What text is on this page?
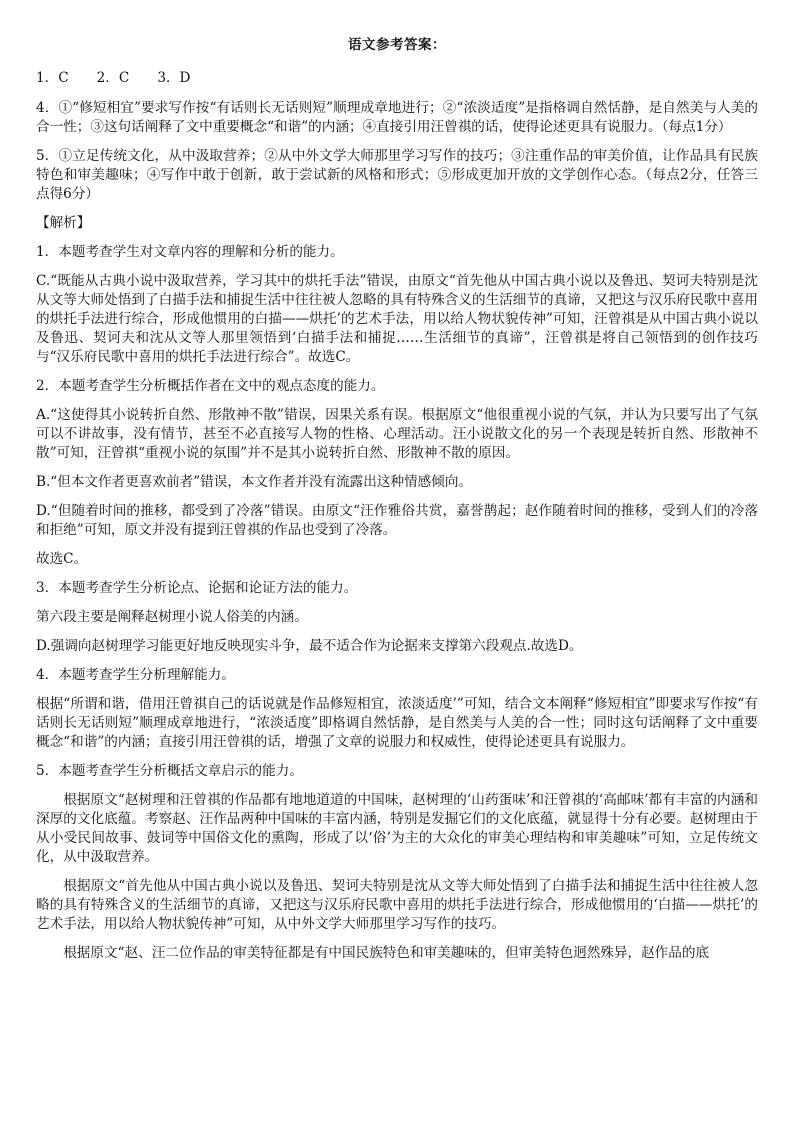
语文参考答案：
1．C 2．C 3．D

4．①“修短相宜”要求写作按“有话则长无话则短”顺理成章地进行；②“浓淡适度”是指格调自然恬静，是自然美与人美的合一性；③这句话阐释了文中重要概念“和谐”的内涵；④直接引用汪曾祺的话，使得论述更具有说服力。（每点1分）

5．①立足传统文化，从中汲取营养；②从中外文学大师那里学习写作的技巧；③注重作品的审美价值，让作品具有民族特色和审美趣味；④写作中敢于创新，敢于尝试新的风格和形式；⑤形成更加开放的文学创作心态。（每点2分，任答三点得6分）

【解析】

1．本题考查学生对文章内容的理解和分析的能力。

C.“既能从古典小说中汲取营养，学习其中的烘托手法”错误，由原文“首先他从中国古典小说以及鲁迅、契诃夫特别是沈从文等大师处悟到了白描手法和捕捉生活中往往被人忽略的具有特殊含义的生活细节的真谛，又把这与汉乐府民歌中喜用的烘托手法进行综合，形成他惯用的白描——烘托’的艺术手法，用以给人物状貌传神”可知，汪曾祺是从中国古典小说以及鲁迅、契诃夫和沈从文等人那里领悟到‘白描手法和捕捉……生活细节的真谛”，汪曾祺是将自己领悟到的创作技巧与“汉乐府民歌中喜用的烘托手法进行综合”。故选C。

2．本题考查学生分析概括作者在文中的观点态度的能力。

A.“这使得其小说转折自然、形散神不散”错误，因果关系有误。根据原文“他很重视小说的气氛，并认为只要写出了气氛可以不讲故事，没有情节，甚至不必直接写人物的性格、心理活动。汪小说散文化的另一个表现是转折自然、形散神不散”可知，汪曾祺“重视小说的氛围”并不是其小说转折自然、形散神不散的原因。

B.“但本文作者更喜欢前者”错误，本文作者并没有流露出这种情感倾向。

D.“但随着时间的推移，都受到了冷落”错误。由原文“汪作雅俗共赏，嘉誉鹊起；赵作随着时间的推移，受到人们的冷落和拒绝”可知，原文并没有提到汪曾祺的作品也受到了冷落。

故选C。

3．本题考查学生分析论点、论据和论证方法的能力。

第六段主要是阐释赵树理小说人俗美的内涵。

D.强调向赵树理学习能更好地反映现实斗争，最不适合作为论据来支撑第六段观点.故选D。

4．本题考查学生分析理解能力。

根据“所谓和谐，借用汪曾祺自己的话说就是作品修短相宜，浓淡适度’”可知，结合文本阐释“修短相宜”即要求写作按“有话则长无话则短”顺理成章地进行，“浓淡适度”即格调自然恬静，是自然美与人美的合一性；同时这句话阐释了文中重要概念“和谐”的内涵；直接引用汪曾祺的话，增强了文章的说服力和权威性，使得论述更具有说服力。

5．本题考查学生分析概括文章启示的能力。

根据原文“赵树理和汪曾祺的作品都有地地道道的中国味，赵树理的‘山药蛋味’和汪曾祺的‘高邮味’都有丰富的内涵和深厚的文化底蕴。考察赵、汪作品两种中国味的丰富内涵，特别是发掘它们的文化底蕴，就显得十分有必要。赵树理由于从小受民间故事、鼓词等中国俗文化的熏陶，形成了以‘俗’为主的大众化的审美心理结构和审美趣味”可知，立足传统文化，从中汲取营养。

根据原文“首先他从中国古典小说以及鲁迅、契诃夫特别是沈从文等大师处悟到了白描手法和捕捉生活中往往被人忽略的具有特殊含义的生活细节的真谛，又把这与汉乐府民歌中喜用的烘托手法进行综合，形成他惯用的‘白描——烘托’的艺术手法，用以给人物状貌传神”可知，从中外文学大师那里学习写作的技巧。

根据原文“赵、汪二位作品的审美特征都是有中国民族特色和审美趣味的，但审美特色迥然殊异，赵作品的底
